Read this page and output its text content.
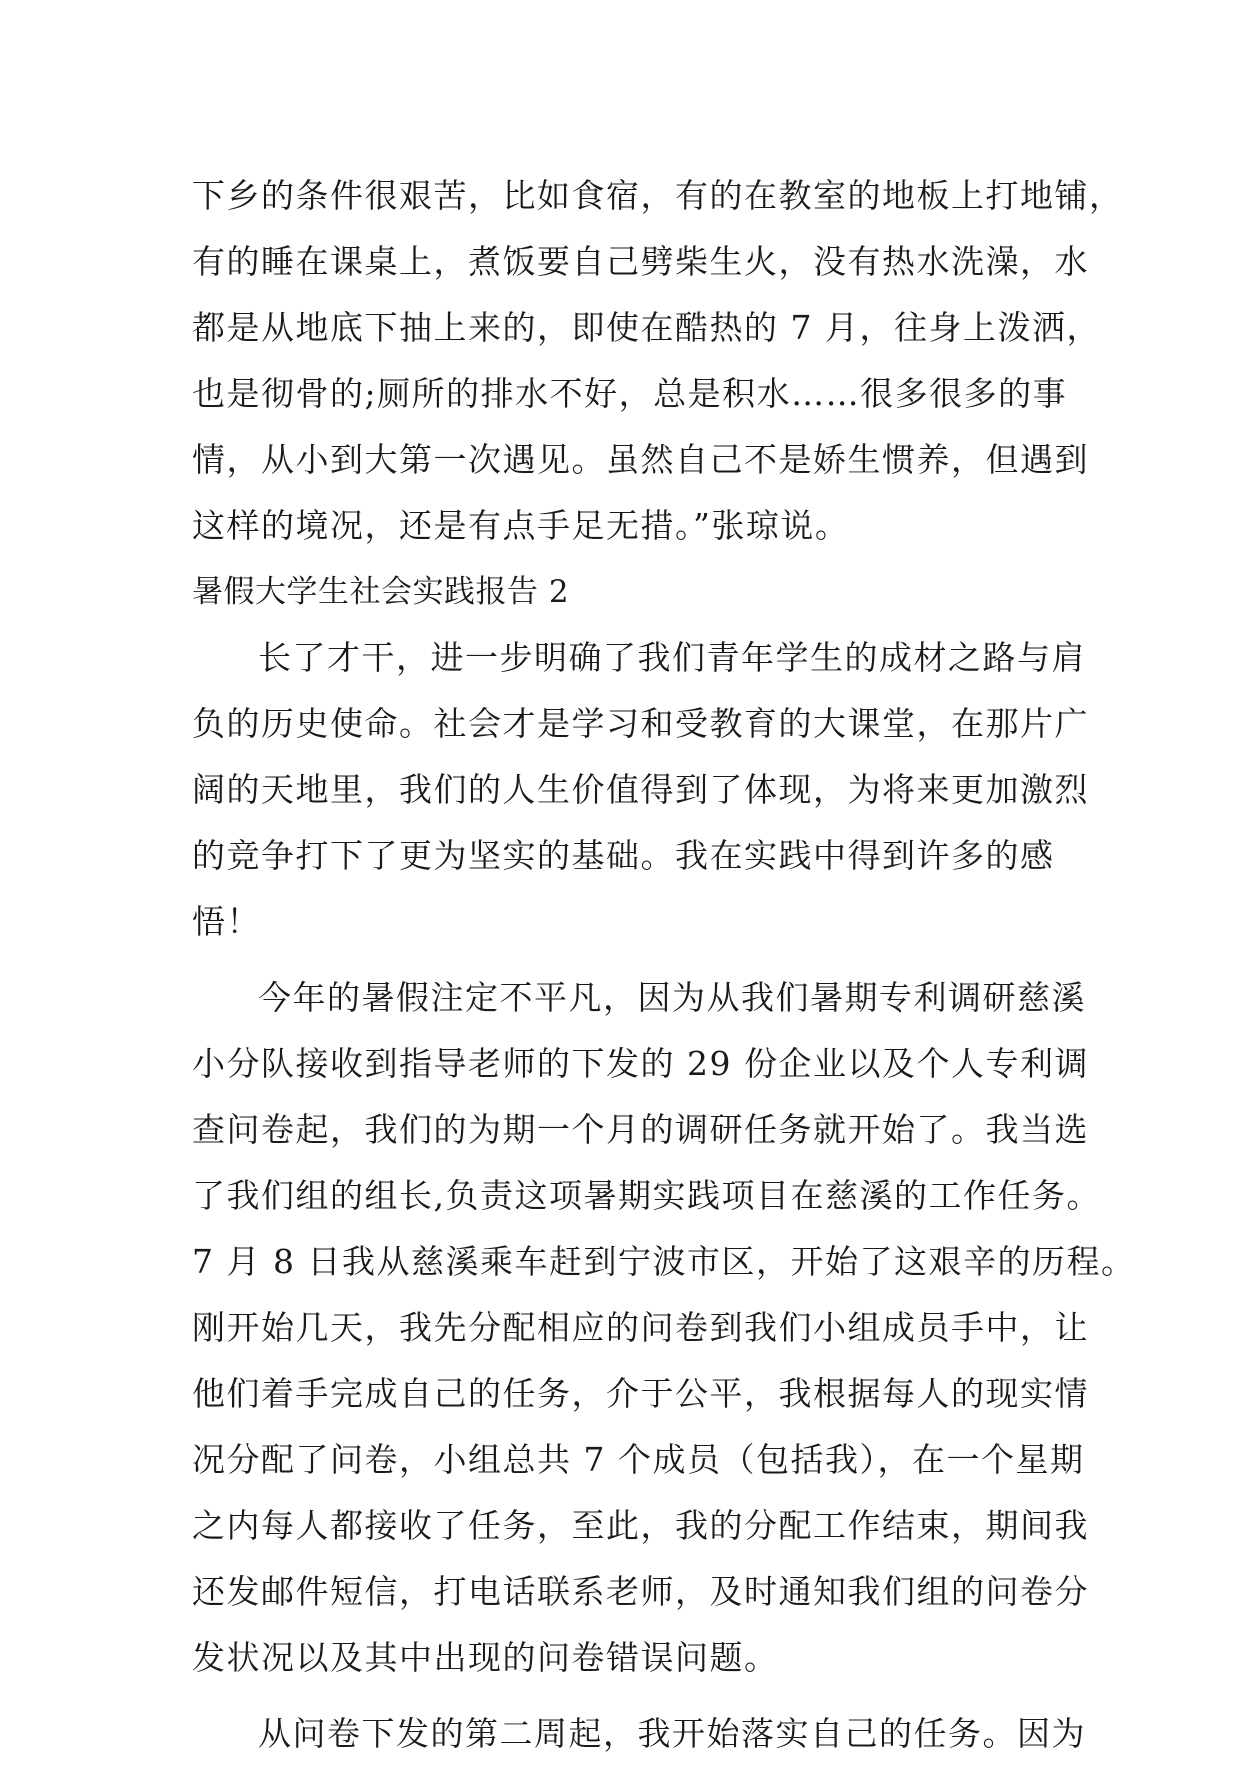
下乡的条件很艰苦，比如食宿，有的在教室的地板上打地铺，
有的睡在课桌上，煮饭要自己劈柴生火，没有热水洗澡，水
都是从地底下抽上来的，即使在酷热的 7 月，往身上泼洒，
也是彻骨的;厕所的排水不好，总是积水……很多很多的事
情，从小到大第一次遇见。虽然自己不是娇生惯养，但遇到
这样的境况，还是有点手足无措。”张琼说。
暑假大学生社会实践报告 2
长了才干，进一步明确了我们青年学生的成材之路与肩
负的历史使命。社会才是学习和受教育的大课堂，在那片广
阔的天地里，我们的人生价值得到了体现，为将来更加激烈
的竞争打下了更为坚实的基础。我在实践中得到许多的感
悟！
今年的暑假注定不平凡，因为从我们暑期专利调研慈溪
小分队接收到指导老师的下发的 29 份企业以及个人专利调
查问卷起，我们的为期一个月的调研任务就开始了。我当选
了我们组的组长,负责这项暑期实践项目在慈溪的工作任务。
7 月 8 日我从慈溪乘车赶到宁波市区，开始了这艰辛的历程。
刚开始几天，我先分配相应的问卷到我们小组成员手中，让
他们着手完成自己的任务，介于公平，我根据每人的现实情
况分配了问卷，小组总共 7 个成员（包括我），在一个星期
之内每人都接收了任务，至此，我的分配工作结束，期间我
还发邮件短信，打电话联系老师，及时通知我们组的问卷分
发状况以及其中出现的问卷错误问题。
从问卷下发的第二周起，我开始落实自己的任务。因为
